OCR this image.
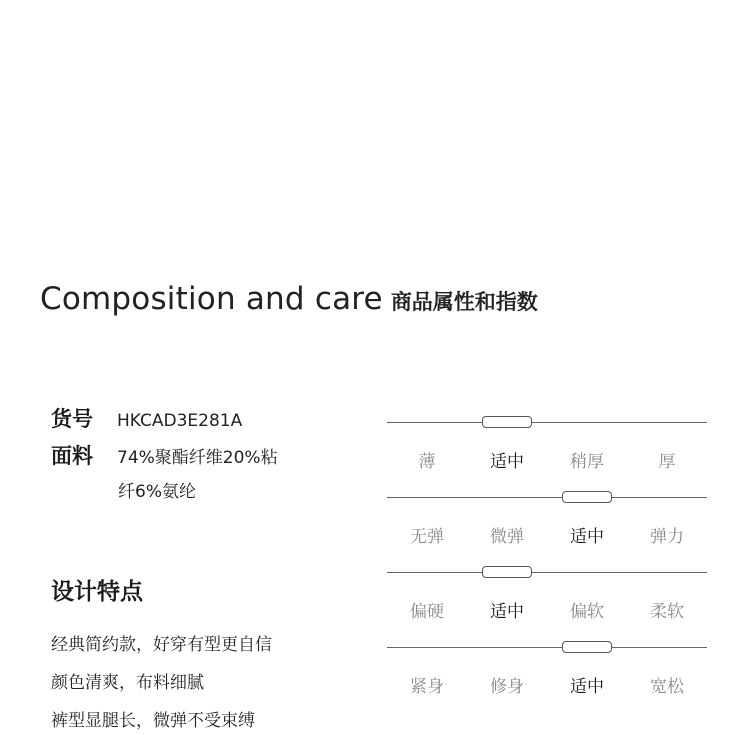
Composition and care 商品属性和指数
货号 HKCAD3E281A
面料 74%聚酯纤维20%粘
纤6%氨纶
设计特点
经典简约款，好穿有型更自信
颜色清爽，布料细腻
裤型显腿长，微弹不受束缚
薄	适中	稍厚	厚
无弹	微弹	适中	弹力
偏硬	适中	偏软	柔软
紧身	修身	适中	宽松
